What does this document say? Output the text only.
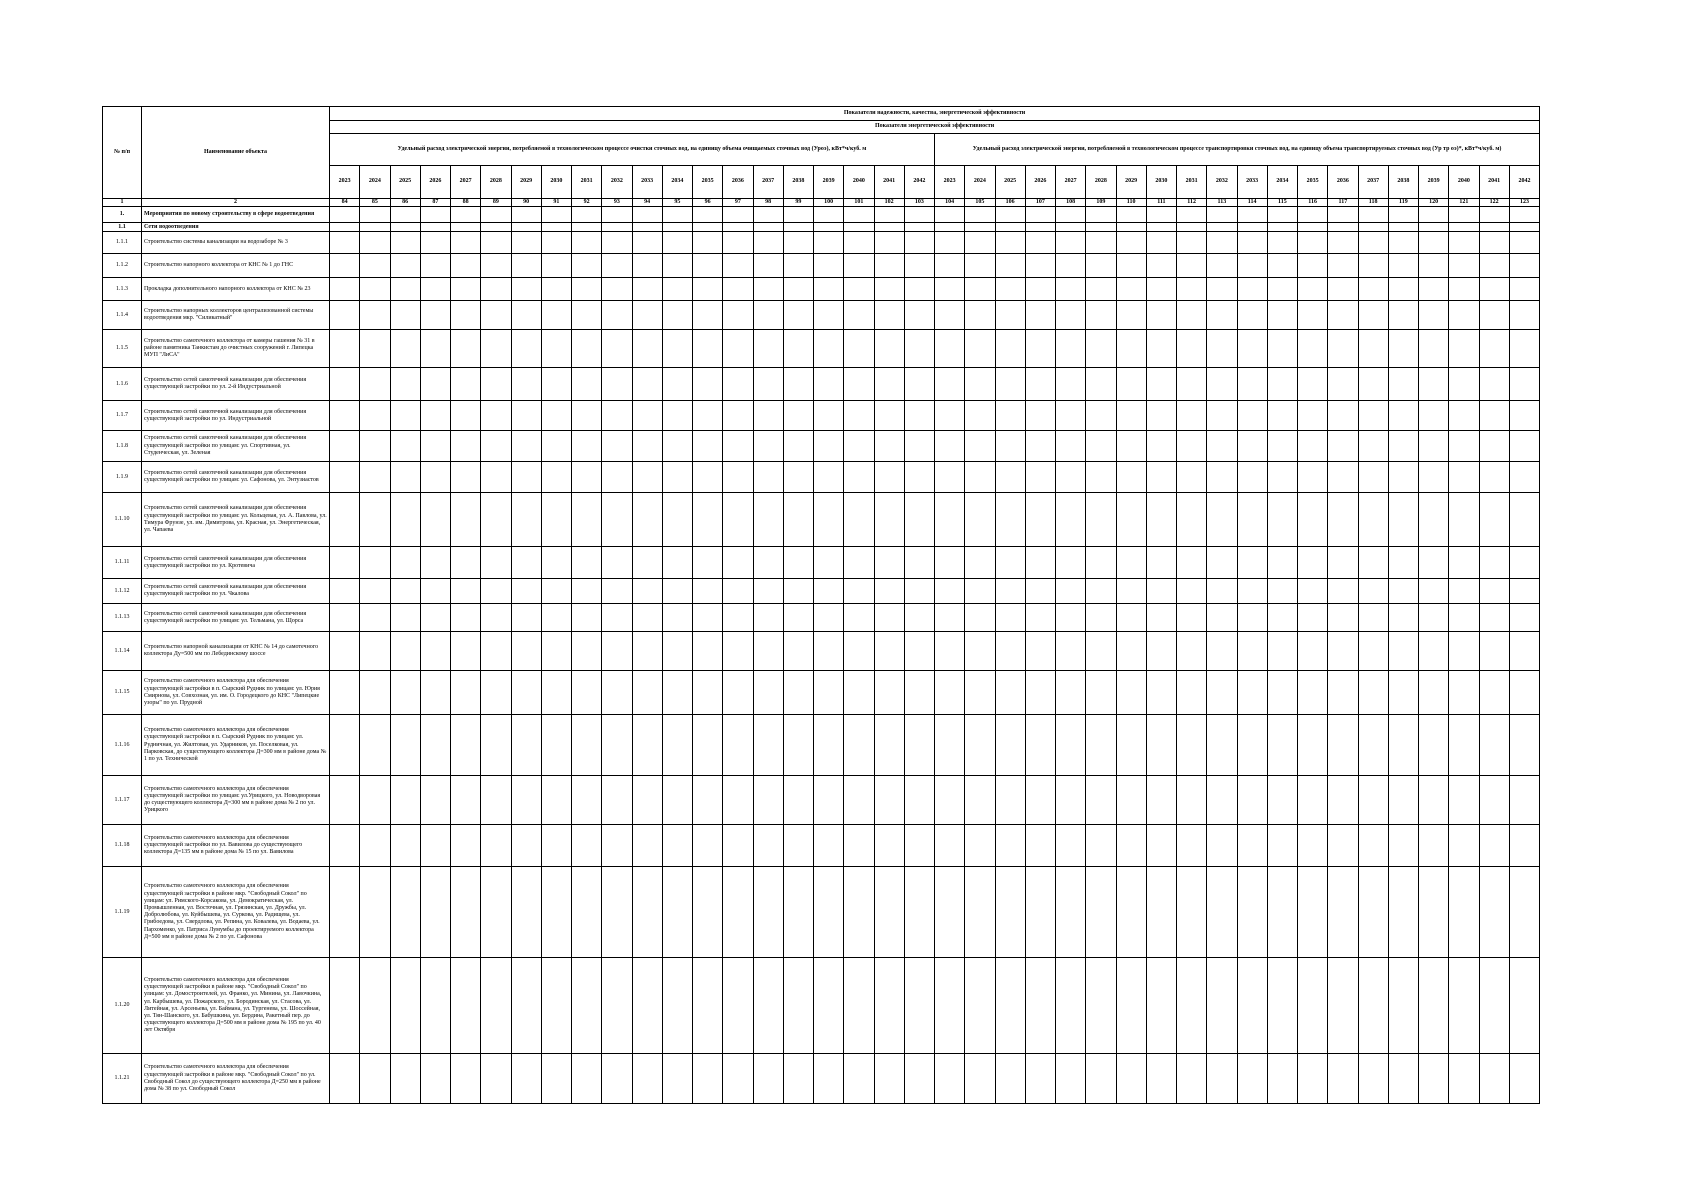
№ п/п	Наименование объекта	Показатели надежности, качества, энергетической эффективности																																							
		Показатели энергетической эффективности																																							
		Удельный расход электрической энергии, потребляемой в технологическом процессе очистки сточных вод, на единицу объема очищаемых сточных вод (Уроэ), кВт*ч/куб. м																				Удельный расход электрической энергии, потребляемой в технологическом процессе транспортировки сточных вод, на единицу объема транспортируемых сточных вод (Ур тр оэ)*, кВт*ч/куб. м)																			
		2023	2024	2025	2026	2027	2028	2029	2030	2031	2032	2033	2034	2035	2036	2037	2038	2039	2040	2041	2042	2023	2024	2025	2026	2027	2028	2029	2030	2031	2032	2033	2034	2035	2036	2037	2038	2039	2040	2041	2042
1	2	84	85	86	87	88	89	90	91	92	93	94	95	96	97	98	99	100	101	102	103	104	105	106	107	108	109	110	111	112	113	114	115	116	117	118	119	120	121	122	123
1.	Мероприятия по новому строительству в сфере водоотведения																																								
1.1	Сети водоотведения																																								
1.1.1	Строительство системы канализации на водозаборе № 3																																								
1.1.2	Строительство напорного коллектора от КНС № 1 до ГНС																																								
1.1.3	Прокладка дополнительного напорного коллектора от КНС № 23																																								
1.1.4	Строительство напорных коллекторов централизованной системы водоотведения мкр. "Силикатный"																																								
1.1.5	Строительство самотечного коллектора от камеры гашения № 31 в районе памятника Танкистам до очистных сооружений г. Липецка МУП "ЛиСА"																																								
1.1.6	Строительство сетей самотечной канализации для обеспечения существующей застройки по ул. 2-й Индустриальной																																								
1.1.7	Строительство сетей самотечной канализации для обеспечения существующей застройки по ул. Индустриальной																																								
1.1.8	Строительство сетей самотечной канализации для обеспечения существующей застройки по улицам: ул. Спортивная, ул. Студенческая, ул. Зеленая																																								
1.1.9	Строительство сетей самотечной канализации для обеспечения существующей застройки по улицам: ул. Сафонова, ул. Энтузиастов																																								
1.1.10	Строительство сетей самотечной канализации для обеспечения существующей застройки по улицам: ул. Кольцевая, ул. А. Павлова, ул. Тимура Фрунзе, ул. им. Димитрова, ул. Красная, ул. Энергетическая, ул. Чапаева																																								
1.1.11	Строительство сетей самотечной канализации для обеспечения существующей застройки по ул. Кротевича																																								
1.1.12	Строительство сетей самотечной канализации для обеспечения существующей застройки по ул. Чкалова																																								
1.1.13	Строительство сетей самотечной канализации для обеспечения существующей застройки по улицам: ул. Тельмана, ул. Щорса																																								
1.1.14	Строительство напорной канализации от КНС № 14 до самотечного коллектора Ду=500 мм по Лебединскому шоссе																																								
1.1.15	Строительство самотечного коллектора для обеспечения существующей застройки в п. Сырский Рудник по улицам: ул. Юрия Смирнова, ул. Совхозная, ул. им. О. Городецкого до КНС "Липецкие узоры" по ул. Прудной																																								
1.1.16	Строительство самотечного коллектора для обеспечения существующей застройки в п. Сырский Рудник по улицам: ул. Рудничная, ул. Жилтовая, ул. Ударников, ул. Поселковая, ул. Парковская, до существующего коллектора Д=300 мм в районе дома № 1 по ул. Технической																																								
1.1.17	Строительство самотечного коллектора для обеспечения существующей застройки по улицам: ул.Урицкого, ул. Новодворовая до существующего коллектора Д=300 мм в районе дома № 2 по ул. Урицкого																																								
1.1.18	Строительство самотечного коллектора для обеспечения существующей застройки по ул. Вавилова до существующего коллектора Д=135 мм в районе дома № 15 по ул. Вавилова																																								
1.1.19	Строительство самотечного коллектора для обеспечения существующей застройки в районе мкр. "Свободный Сокол" по улицам: ул. Римского-Корсакова, ул. Демократическая, ул. Промышленная, ул. Восточная, ул. Грязинская, ул. Дружбы, ул. Добролюбова, ул. Куйбышева, ул. Суркова, ул. Радищева, ул. Грибоедова, ул. Свердлова, ул. Репина, ул. Ковалева, ул. Водаева, ул. Пархоменко, ул. Патриса Лумумбы до проектируемого коллектора Д=500 мм в районе дома № 2 по ул. Сафонова																																								
1.1.20	Строительство самотечного коллектора для обеспечения существующей застройки в районе мкр. "Свободный Сокол" по улицам: ул. Домостроителей, ул. Франко, ул. Минина, ул. Лавочкина, ул. Карбышева, ул. Пожарского, ул. Бородинская, ул. Стасова, ул. Литейная, ул. Арсеньева, ул. Баймана, ул. Тургенева, ул. Шоссейная, ул. Тян-Шанского, ул. Бабушкина, ул. Бердина, Ракетный пер. до существующего коллектора Д=500 мм в районе дома № 195 по ул. 40 лет Октября																																								
1.1.21	Строительство самотечного коллектора для обеспечения существующей застройки в районе мкр. "Свободный Сокол" по ул. Свободный Сокол до существующего коллектора Д=250 мм в районе дома № 38 по ул. Свободный Сокол																																								
